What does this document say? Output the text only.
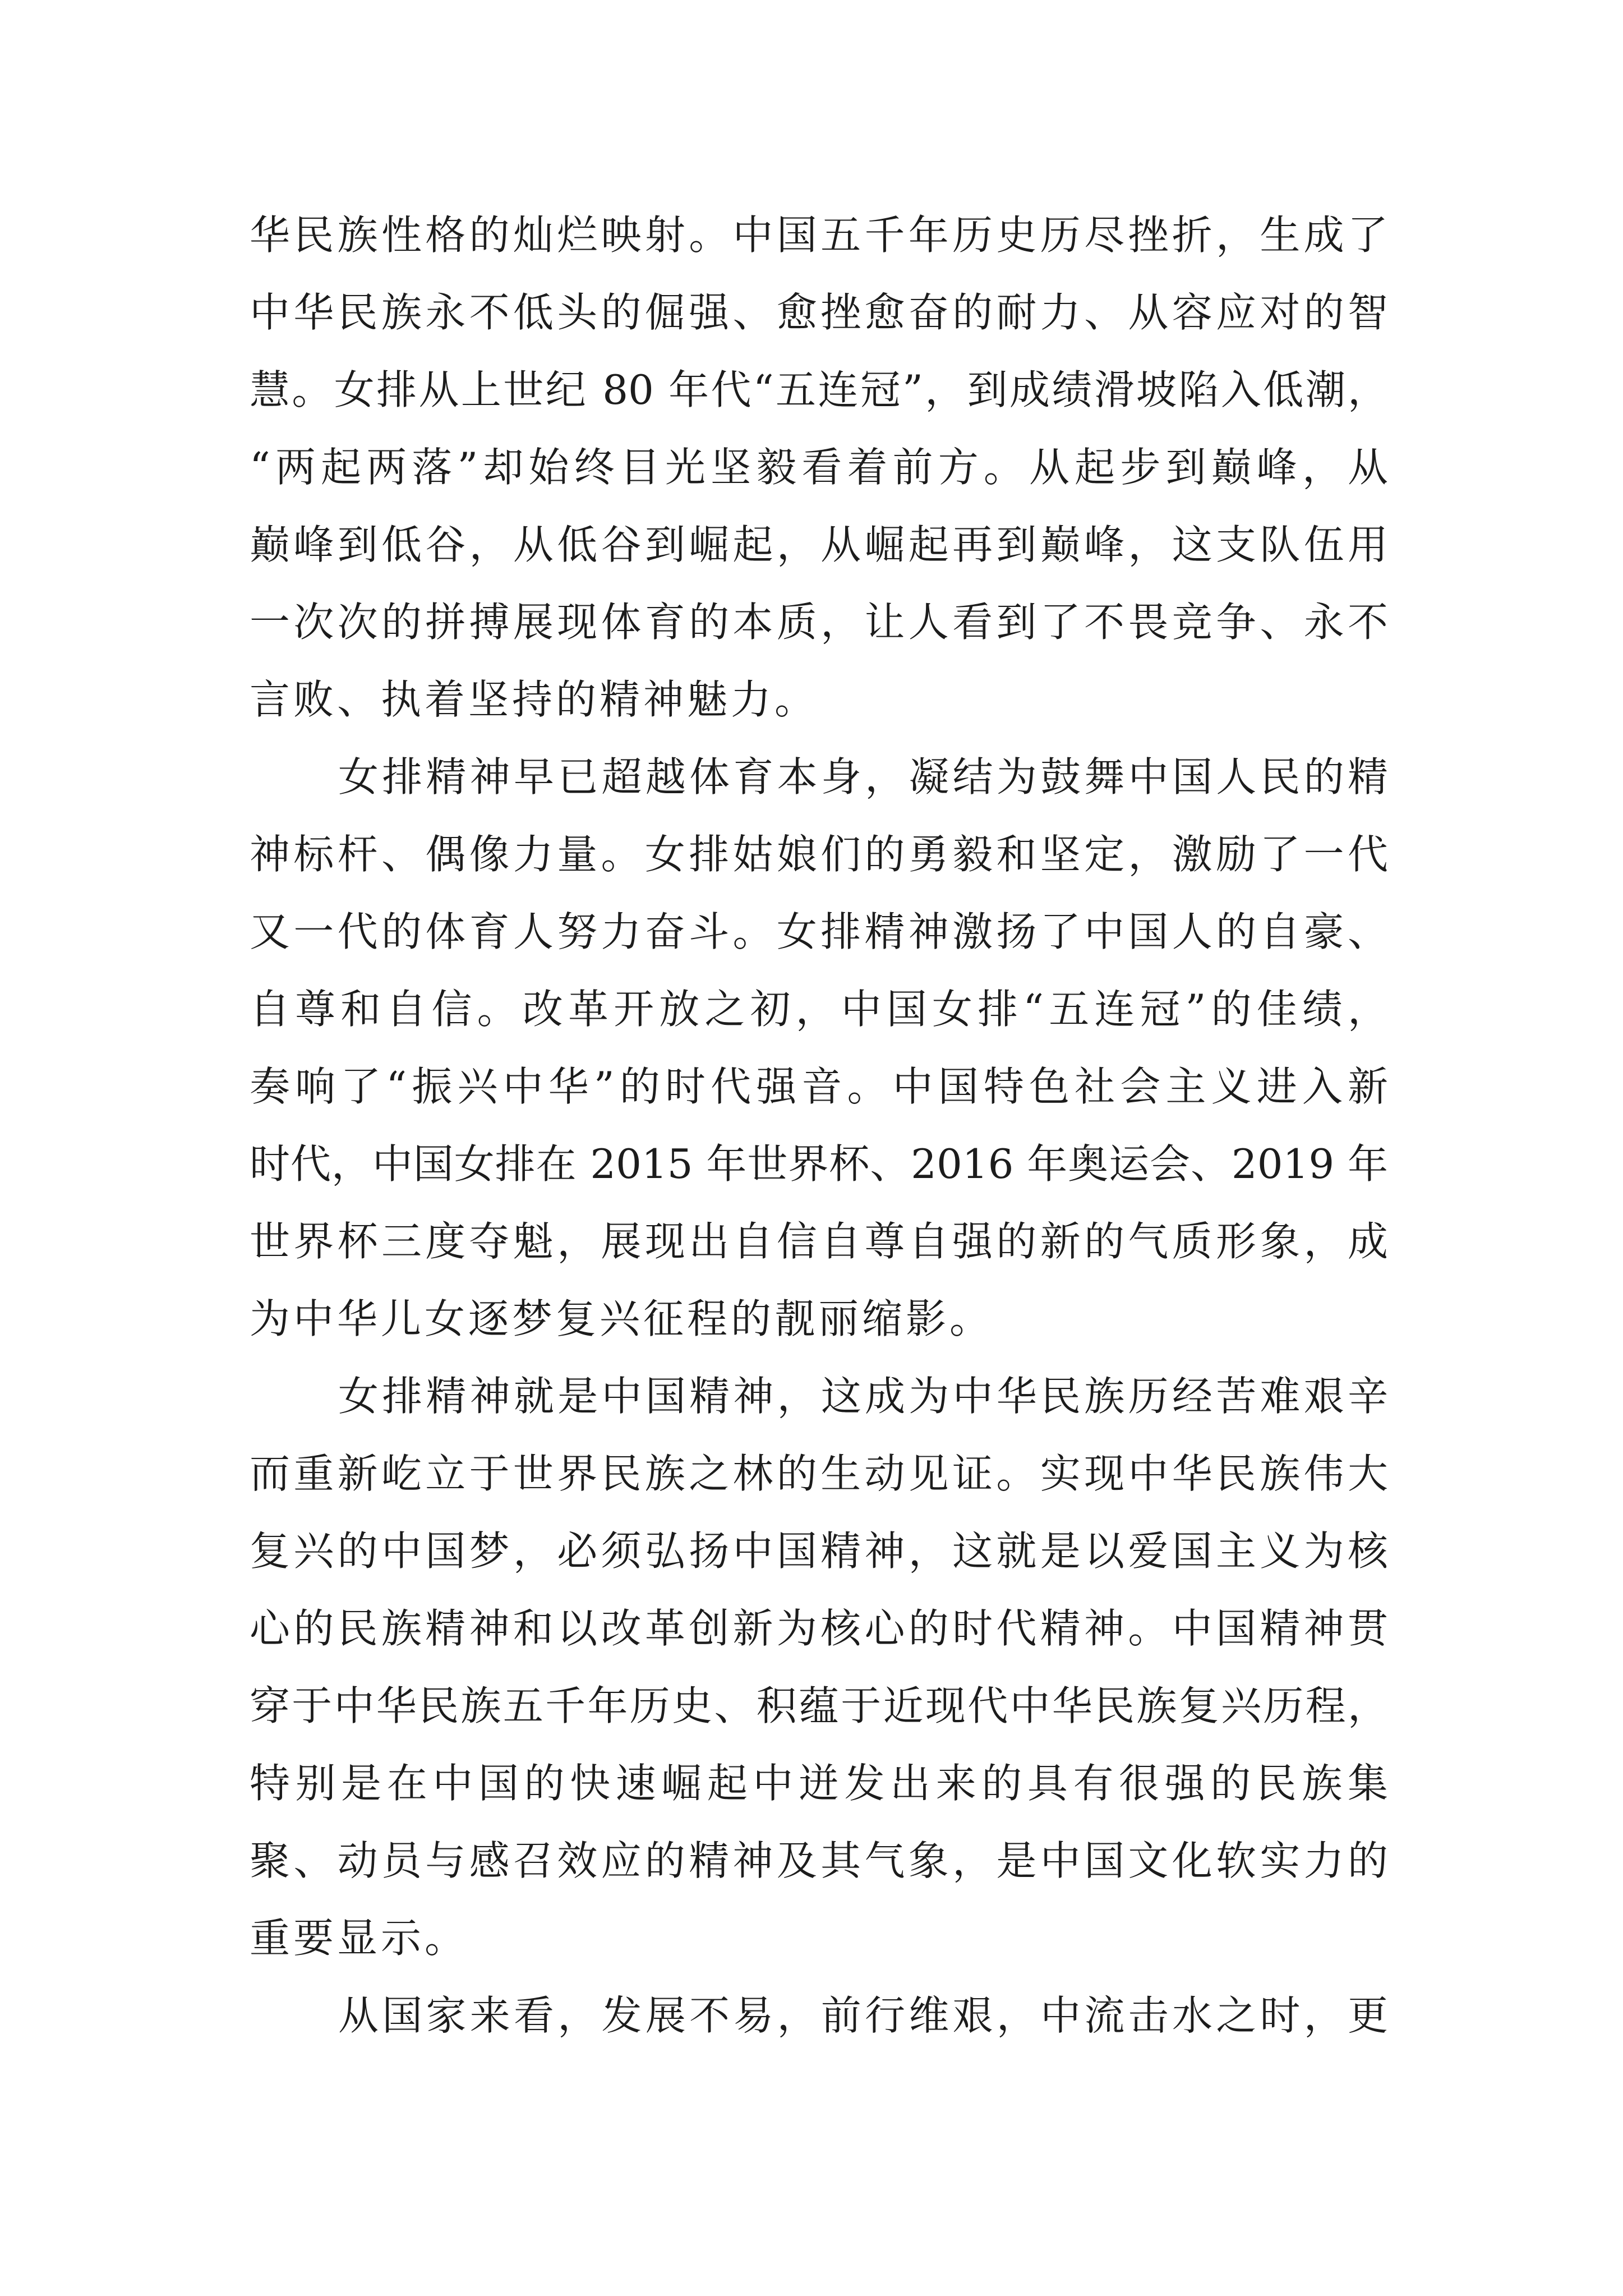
华民族性格的灿烂映射。中国五千年历史历尽挫折，生成了
中华民族永不低头的倔强、愈挫愈奋的耐力、从容应对的智
慧。女排从上世纪 80 年代“五连冠”，到成绩滑坡陷入低潮，
“两起两落”却始终目光坚毅看着前方。从起步到巅峰，从
巅峰到低谷，从低谷到崛起，从崛起再到巅峰，这支队伍用
一次次的拼搏展现体育的本质，让人看到了不畏竞争、永不
言败、执着坚持的精神魅力。
女排精神早已超越体育本身，凝结为鼓舞中国人民的精
神标杆、偶像力量。女排姑娘们的勇毅和坚定，激励了一代
又一代的体育人努力奋斗。女排精神激扬了中国人的自豪、
自尊和自信。改革开放之初，中国女排“五连冠”的佳绩，
奏响了“振兴中华”的时代强音。中国特色社会主义进入新
时代，中国女排在 2015 年世界杯、2016 年奥运会、2019 年
世界杯三度夺魁，展现出自信自尊自强的新的气质形象，成
为中华儿女逐梦复兴征程的靓丽缩影。
女排精神就是中国精神，这成为中华民族历经苦难艰辛
而重新屹立于世界民族之林的生动见证。实现中华民族伟大
复兴的中国梦，必须弘扬中国精神，这就是以爱国主义为核
心的民族精神和以改革创新为核心的时代精神。中国精神贯
穿于中华民族五千年历史、积蕴于近现代中华民族复兴历程，
特别是在中国的快速崛起中迸发出来的具有很强的民族集
聚、动员与感召效应的精神及其气象，是中国文化软实力的
重要显示。
从国家来看，发展不易，前行维艰，中流击水之时，更
